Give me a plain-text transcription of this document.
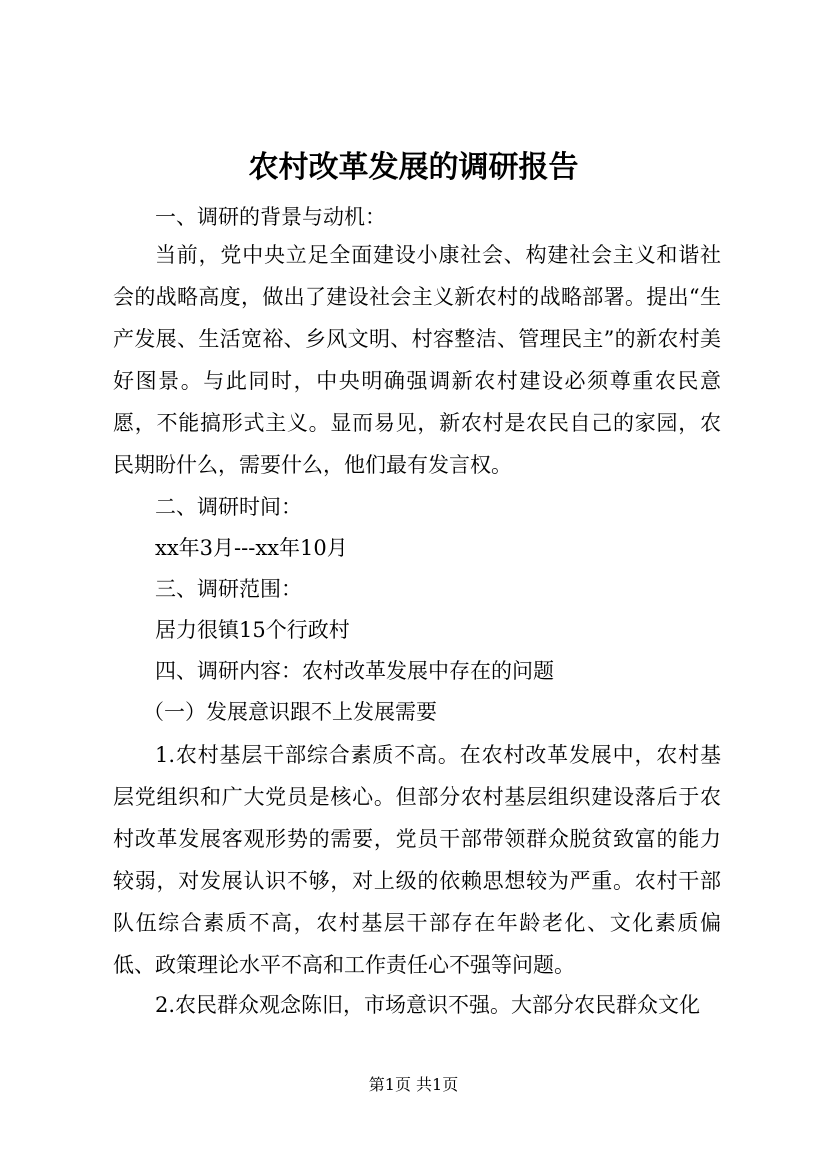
农村改革发展的调研报告
一、调研的背景与动机：
当前，党中央立足全面建设小康社会、构建社会主义和谐社会的战略高度，做出了建设社会主义新农村的战略部署。提出“生产发展、生活宽裕、乡风文明、村容整洁、管理民主”的新农村美好图景。与此同时，中央明确强调新农村建设必须尊重农民意愿，不能搞形式主义。显而易见，新农村是农民自己的家园，农民期盼什么，需要什么，他们最有发言权。
二、调研时间：
xx年3月---xx年10月
三、调研范围：
居力很镇15个行政村
四、调研内容：农村改革发展中存在的问题
（一）发展意识跟不上发展需要
1.农村基层干部综合素质不高。在农村改革发展中，农村基层党组织和广大党员是核心。但部分农村基层组织建设落后于农村改革发展客观形势的需要，党员干部带领群众脱贫致富的能力较弱，对发展认识不够，对上级的依赖思想较为严重。农村干部队伍综合素质不高，农村基层干部存在年龄老化、文化素质偏低、政策理论水平不高和工作责任心不强等问题。
2.农民群众观念陈旧，市场意识不强。大部分农民群众文化
第1页 共1页
